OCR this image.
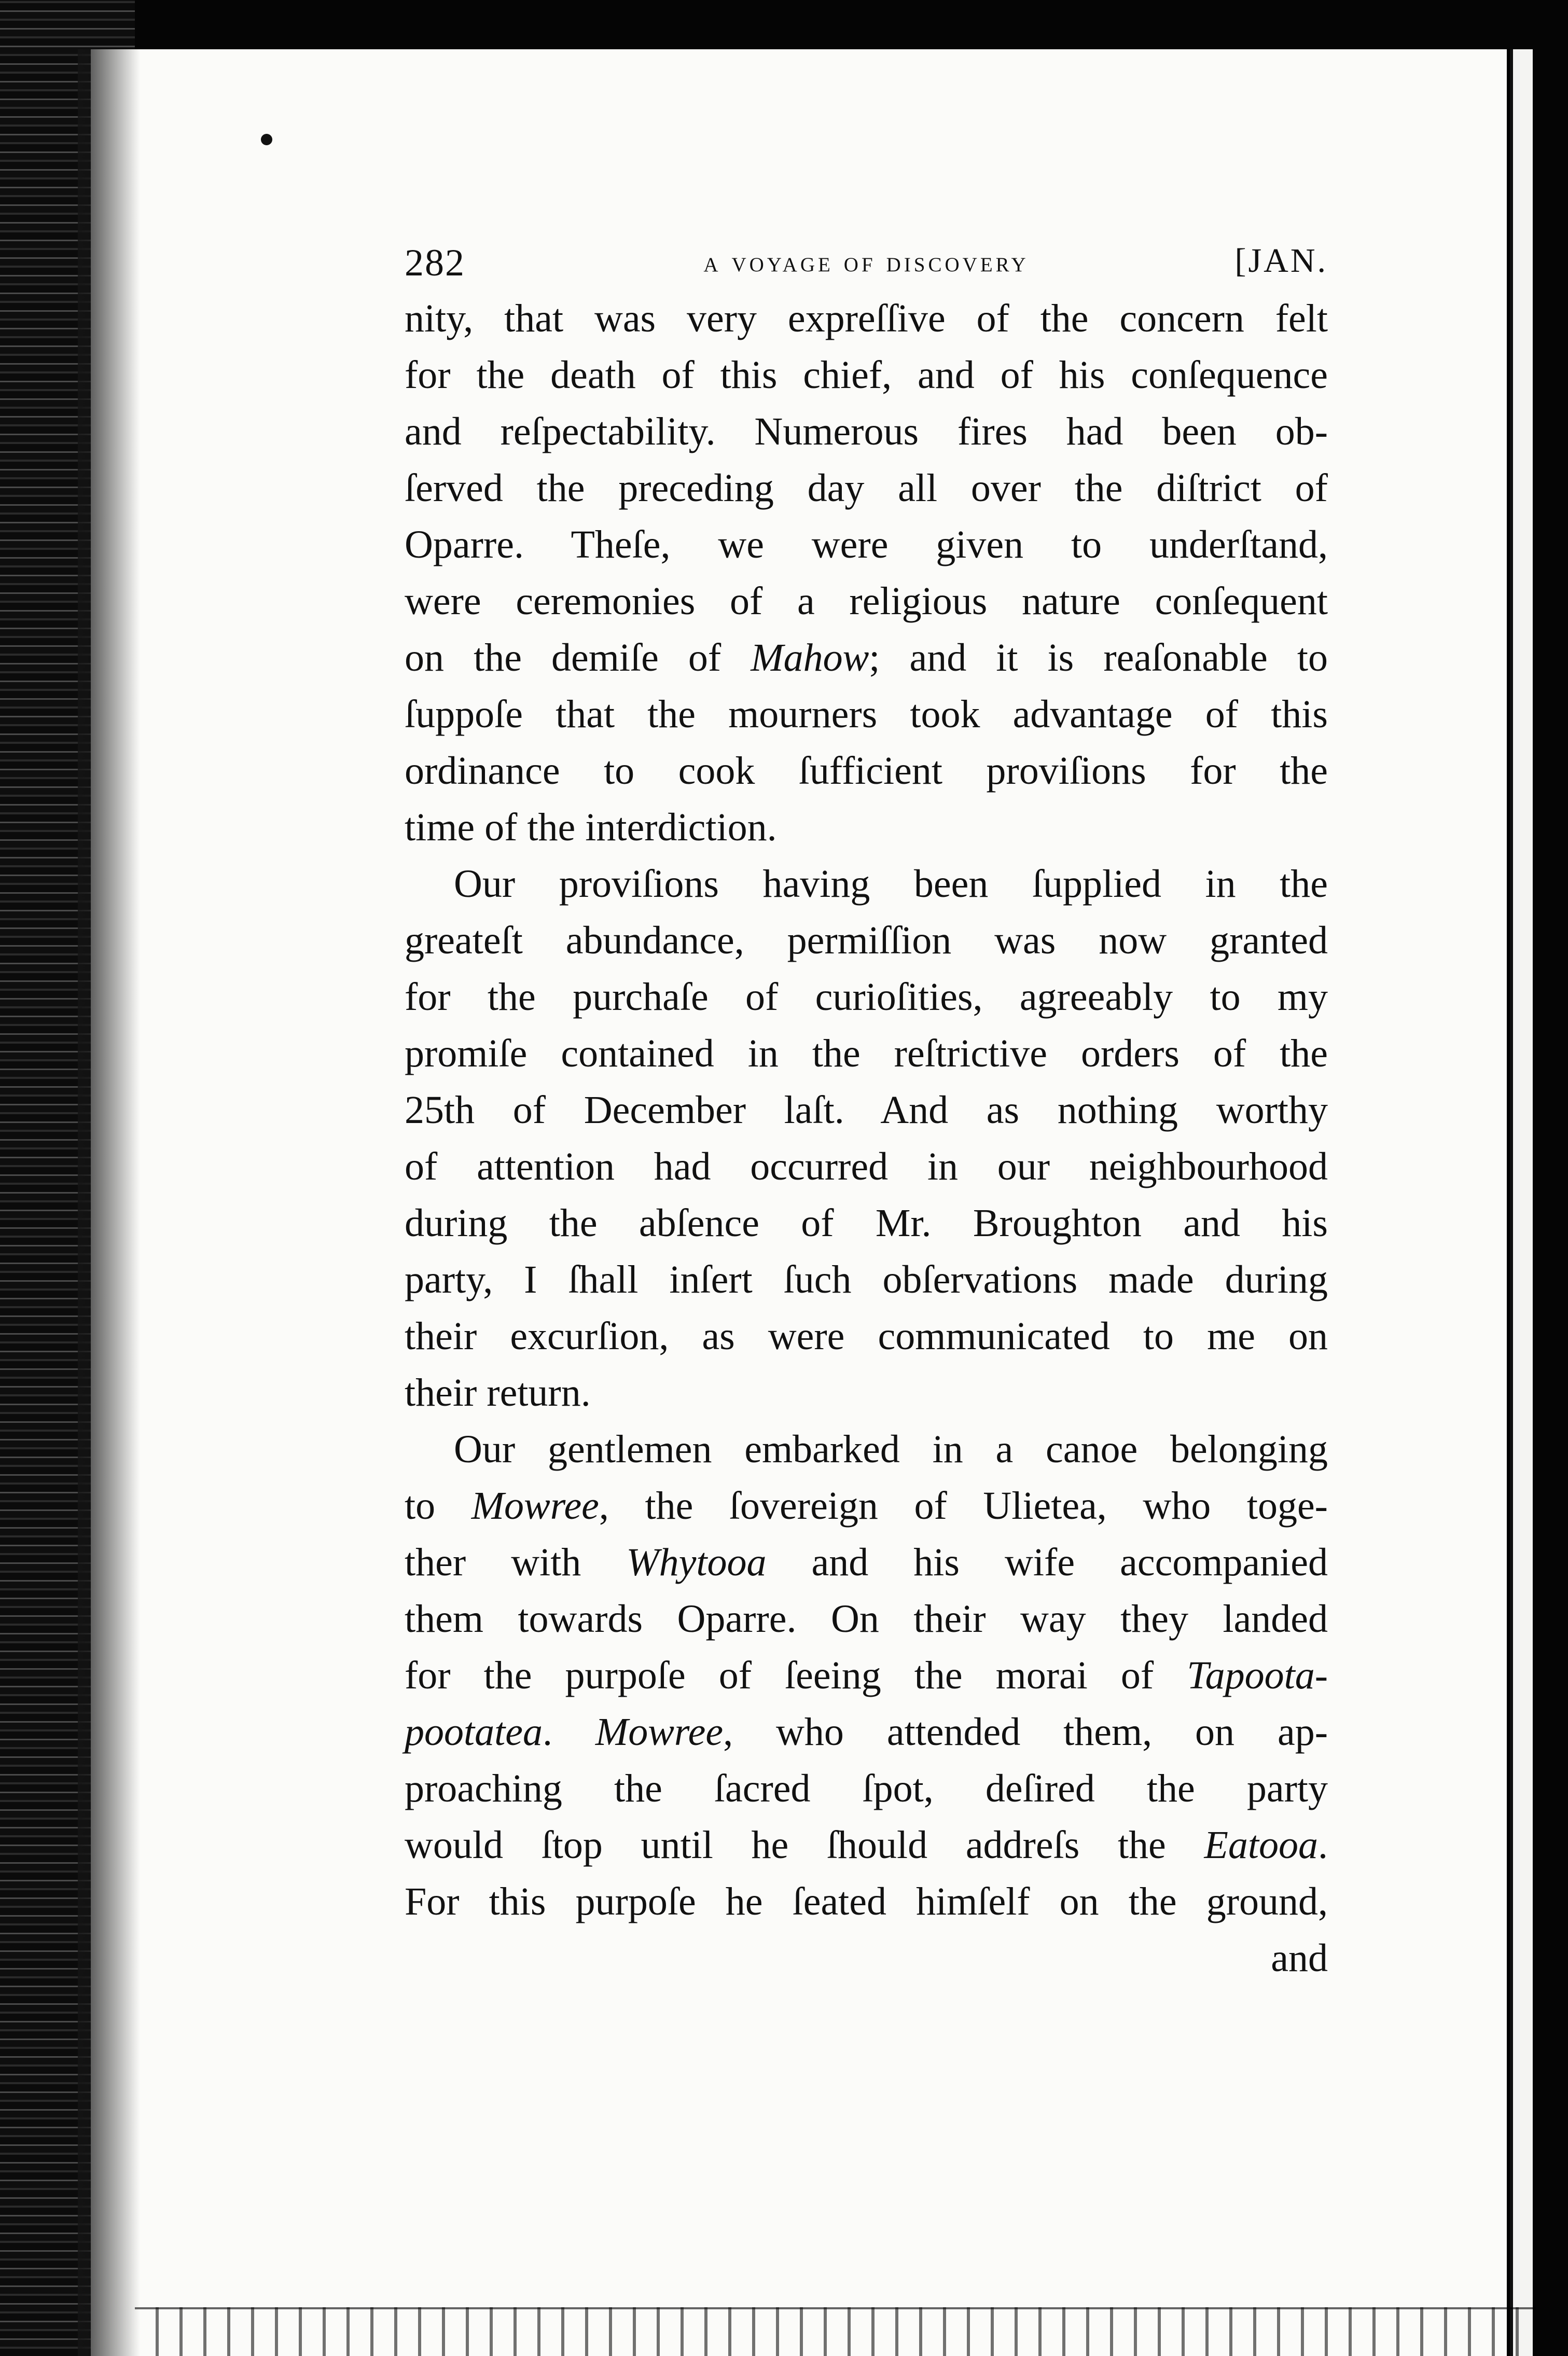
282	a voyage of discovery	[JAN.
nity, that was very expreſſive of the concern felt
for the death of this chief, and of his conſequence
and reſpectability. Numerous fires had been ob-
ſerved the preceding day all over the diſtrict of
Oparre. Theſe, we were given to underſtand,
were ceremonies of a religious nature conſequent
on the demiſe of Mahow; and it is reaſonable to
ſuppoſe that the mourners took advantage of this
ordinance to cook ſufficient proviſions for the
time of the interdiction.
Our proviſions having been ſupplied in the
greateſt abundance, permiſſion was now granted
for the purchaſe of curioſities, agreeably to my
promiſe contained in the reſtrictive orders of the
25th of December laſt. And as nothing worthy
of attention had occurred in our neighbourhood
during the abſence of Mr. Broughton and his
party, I ſhall inſert ſuch obſervations made during
their excurſion, as were communicated to me on
their return.
Our gentlemen embarked in a canoe belonging
to Mowree, the ſovereign of Ulietea, who toge-
ther with Whytooa and his wife accompanied
them towards Oparre. On their way they landed
for the purpoſe of ſeeing the morai of Tapoota-
pootatea. Mowree, who attended them, on ap-
proaching the ſacred ſpot, deſired the party
would ſtop until he ſhould addreſs the Eatooa.
For this purpoſe he ſeated himſelf on the ground,
and
